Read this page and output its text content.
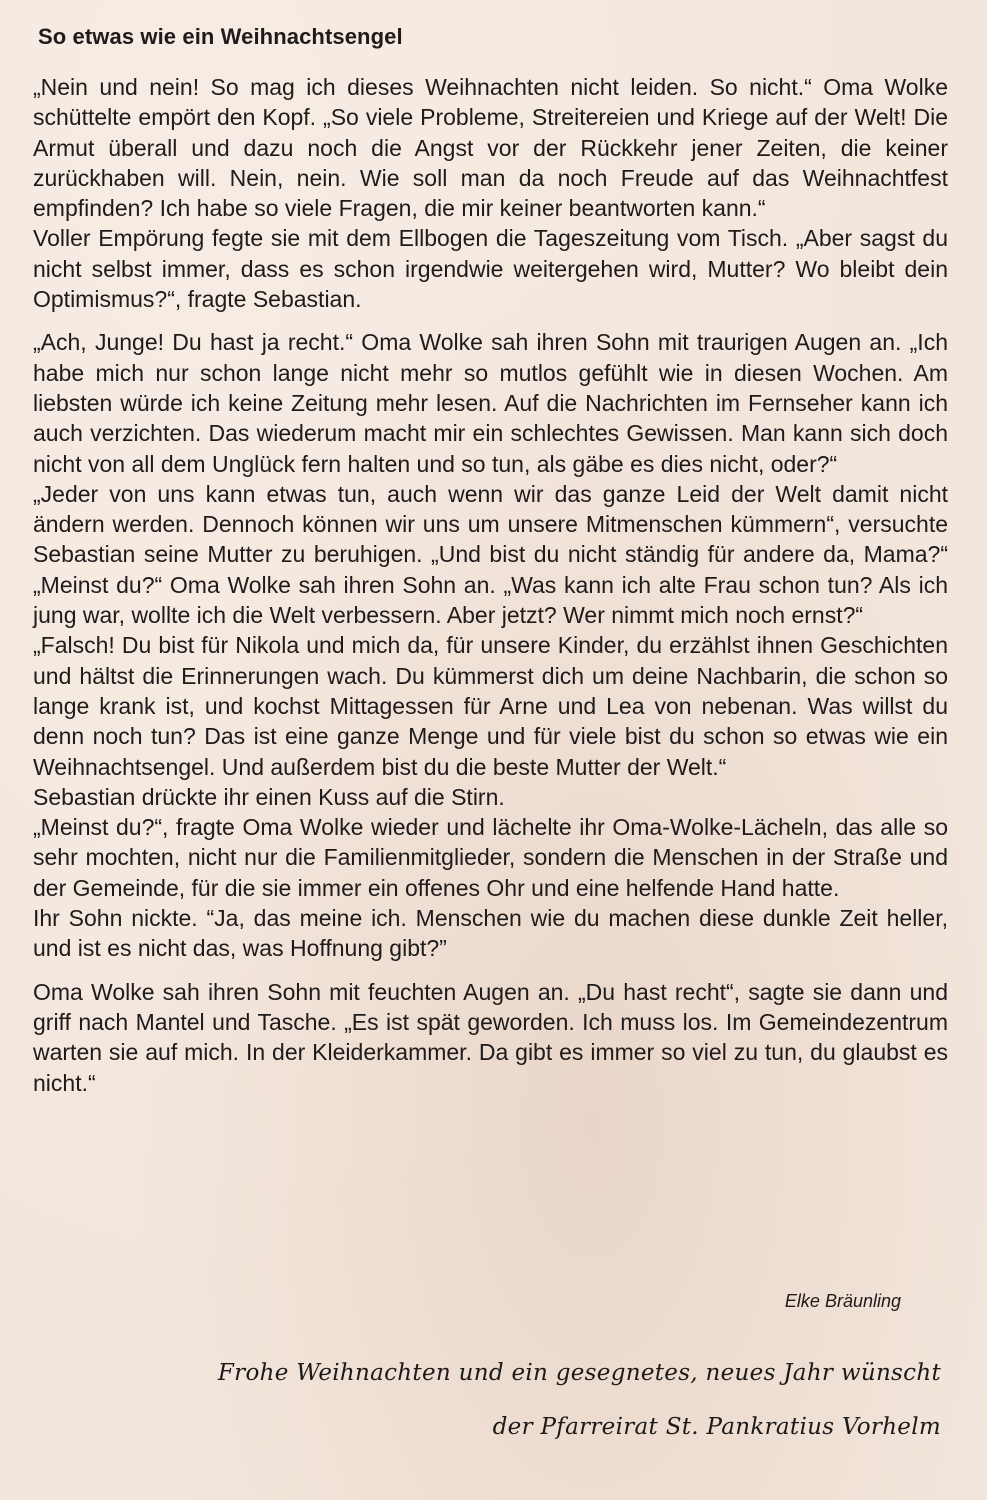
So etwas wie ein Weihnachtsengel

„Nein und nein! So mag ich dieses Weihnachten nicht leiden. So nicht.“ Oma Wolke schüttelte empört den Kopf. „So viele Probleme, Streitereien und Kriege auf der Welt! Die Armut überall und dazu noch die Angst vor der Rückkehr jener Zeiten, die keiner zurückhaben will. Nein, nein. Wie soll man da noch Freude auf das Weihnachtfest empfinden? Ich habe so viele Fragen, die mir keiner beantworten kann.“

Voller Empörung fegte sie mit dem Ellbogen die Tageszeitung vom Tisch. „Aber sagst du nicht selbst immer, dass es schon irgendwie weitergehen wird, Mutter? Wo bleibt dein Optimismus?“, fragte Sebastian.

„Ach, Junge! Du hast ja recht.“ Oma Wolke sah ihren Sohn mit traurigen Augen an. „Ich habe mich nur schon lange nicht mehr so mutlos gefühlt wie in diesen Wochen. Am liebsten würde ich keine Zeitung mehr lesen. Auf die Nachrichten im Fernseher kann ich auch verzichten. Das wiederum macht mir ein schlechtes Gewissen. Man kann sich doch nicht von all dem Unglück fern halten und so tun, als gäbe es dies nicht, oder?“

„Jeder von uns kann etwas tun, auch wenn wir das ganze Leid der Welt damit nicht ändern werden. Dennoch können wir uns um unsere Mitmenschen kümmern“, versuchte Sebastian seine Mutter zu beruhigen. „Und bist du nicht ständig für andere da, Mama?“ „Meinst du?“ Oma Wolke sah ihren Sohn an. „Was kann ich alte Frau schon tun? Als ich jung war, wollte ich die Welt verbessern. Aber jetzt? Wer nimmt mich noch ernst?“

„Falsch! Du bist für Nikola und mich da, für unsere Kinder, du erzählst ihnen Geschichten und hältst die Erinnerungen wach. Du kümmerst dich um deine Nachbarin, die schon so lange krank ist, und kochst Mittagessen für Arne und Lea von nebenan. Was willst du denn noch tun? Das ist eine ganze Menge und für viele bist du schon so etwas wie ein Weihnachtsengel. Und außerdem bist du die beste Mutter der Welt.“

Sebastian drückte ihr einen Kuss auf die Stirn.

„Meinst du?“, fragte Oma Wolke wieder und lächelte ihr Oma-Wolke-Lächeln, das alle so sehr mochten, nicht nur die Familienmitglieder, sondern die Menschen in der Straße und der Gemeinde, für die sie immer ein offenes Ohr und eine helfende Hand hatte.

Ihr Sohn nickte. “Ja, das meine ich. Menschen wie du machen diese dunkle Zeit heller, und ist es nicht das, was Hoffnung gibt?”

Oma Wolke sah ihren Sohn mit feuchten Augen an. „Du hast recht“, sagte sie dann und griff nach Mantel und Tasche. „Es ist spät geworden. Ich muss los. Im Gemeindezentrum warten sie auf mich. In der Kleiderkammer. Da gibt es immer so viel zu tun, du glaubst es nicht.“

Elke Bräunling
Frohe Weihnachten und ein gesegnetes, neues Jahr wünscht
der Pfarreirat St. Pankratius Vorhelm
